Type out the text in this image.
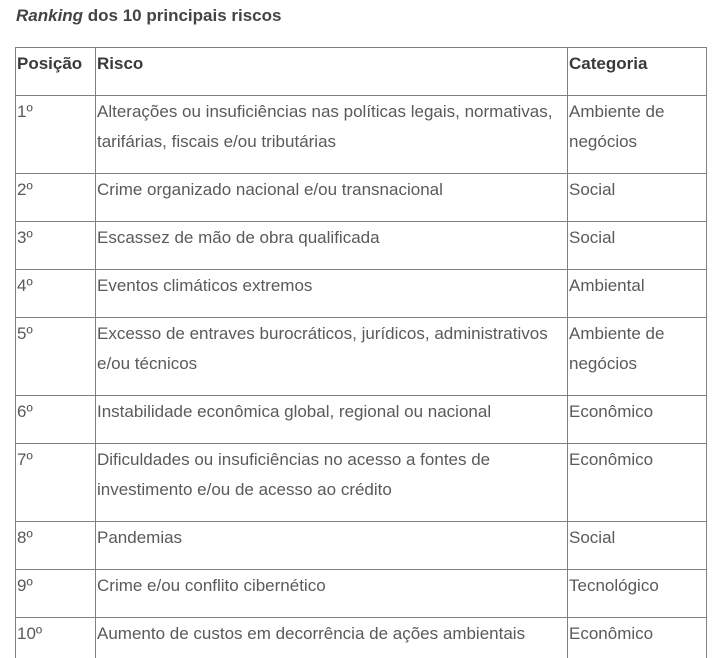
Ranking dos 10 principais riscos
Posição	Risco	Categoria
1º	Alterações ou insuficiências nas políticas legais, normativas, tarifárias, fiscais e/ou tributárias	Ambiente de negócios
2º	Crime organizado nacional e/ou transnacional	Social
3º	Escassez de mão de obra qualificada	Social
4º	Eventos climáticos extremos	Ambiental
5º	Excesso de entraves burocráticos, jurídicos, administrativos e/ou técnicos	Ambiente de negócios
6º	Instabilidade econômica global, regional ou nacional	Econômico
7º	Dificuldades ou insuficiências no acesso a fontes de investimento e/ou de acesso ao crédito	Econômico
8º	Pandemias	Social
9º	Crime e/ou conflito cibernético	Tecnológico
10º	Aumento de custos em decorrência de ações ambientais	Econômico
